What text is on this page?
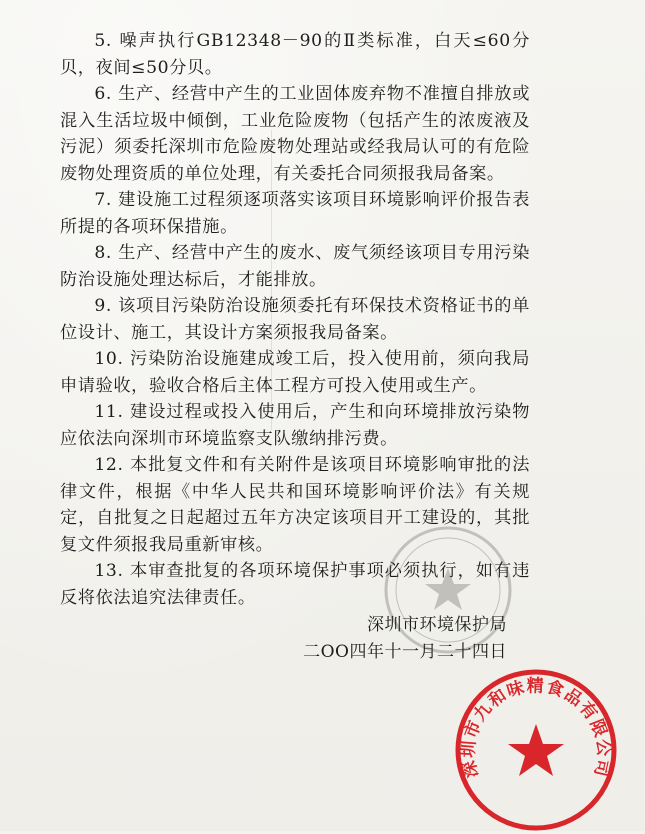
5. 噪声执行GB12348－90的Ⅱ类标准，白天≤60分贝，夜间≤50分贝。

6. 生产、经营中产生的工业固体废弃物不准擅自排放或混入生活垃圾中倾倒，工业危险废物（包括产生的浓废液及污泥）须委托深圳市危险废物处理站或经我局认可的有危险废物处理资质的单位处理，有关委托合同须报我局备案。

7. 建设施工过程须逐项落实该项目环境影响评价报告表所提的各项环保措施。

8. 生产、经营中产生的废水、废气须经该项目专用污染防治设施处理达标后，才能排放。

9. 该项目污染防治设施须委托有环保技术资格证书的单位设计、施工，其设计方案须报我局备案。

10. 污染防治设施建成竣工后，投入使用前，须向我局申请验收，验收合格后主体工程方可投入使用或生产。

11. 建设过程或投入使用后，产生和向环境排放污染物应依法向深圳市环境监察支队缴纳排污费。

12. 本批复文件和有关附件是该项目环境影响审批的法律文件，根据《中华人民共和国环境影响评价法》有关规定，自批复之日起超过五年方决定该项目开工建设的，其批复文件须报我局重新审核。

13. 本审查批复的各项环境保护事项必须执行，如有违反将依法追究法律责任。

深圳市环境保护局
二OO四年十一月二十四日
深圳市九和味精食品有限公司
